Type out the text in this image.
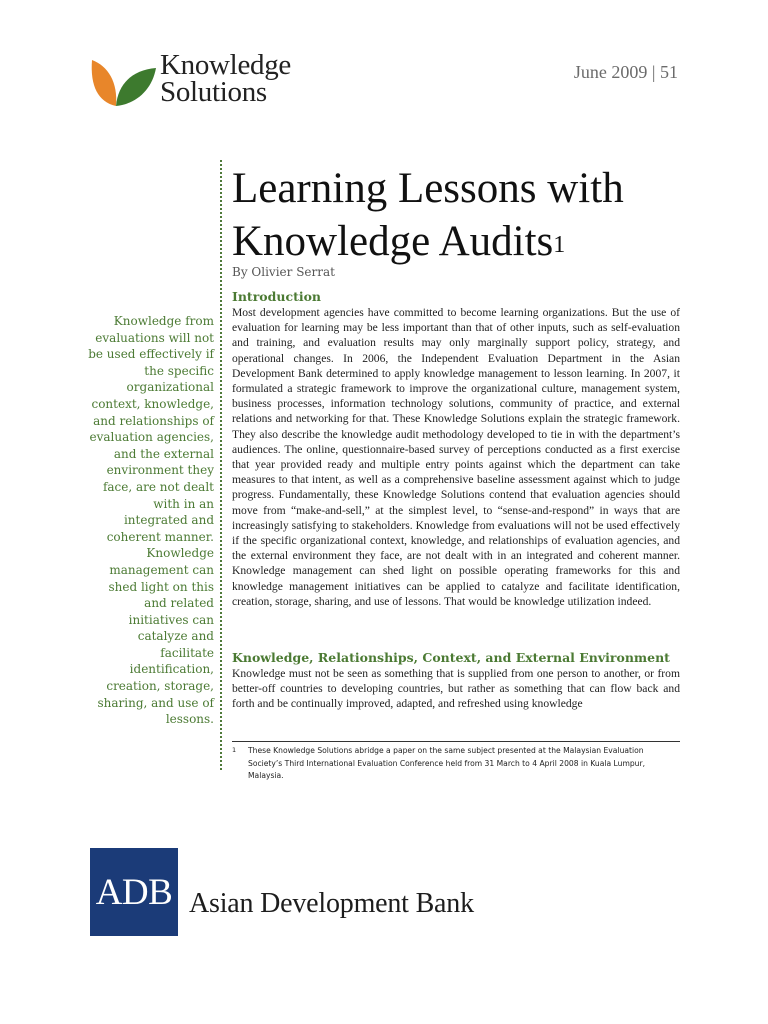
Knowledge
Solutions
June 2009 | 51
Learning Lessons with Knowledge Audits$^1$
By Olivier Serrat
Knowledge from evaluations will not be used effectively if the specific organizational context, knowledge, and relationships of evaluation agencies, and the external environment they face, are not dealt with in an integrated and coherent manner. Knowledge management can shed light on this and related initiatives can catalyze and facilitate identification, creation, storage, sharing, and use of lessons.
Introduction

Most development agencies have committed to become learning organizations. But the use of evaluation for learning may be less important than that of other inputs, such as self-evaluation and training, and evaluation results may only marginally support policy, strategy, and operational changes. In 2006, the Independent Evaluation Department in the Asian Development Bank determined to apply knowledge management to lesson learning. In 2007, it formulated a strategic framework to improve the organizational culture, management system, business processes, information technology solutions, community of practice, and external relations and networking for that. These Knowledge Solutions explain the strategic framework. They also describe the knowledge audit methodology developed to tie in with the department’s audiences. The online, questionnaire-based survey of perceptions conducted as a first exercise that year provided ready and multiple entry points against which the department can take measures to that intent, as well as a comprehensive baseline assessment against which to judge progress. Fundamentally, these Knowledge Solutions contend that evaluation agencies should move from “make-and-sell,” at the simplest level, to “sense-and-respond” in ways that are increasingly satisfying to stakeholders. Knowledge from evaluations will not be used effectively if the specific organizational context, knowledge, and relationships of evaluation agencies, and the external environment they face, are not dealt with in an integrated and coherent manner. Knowledge management can shed light on possible operating frameworks for this and knowledge management initiatives can be applied to catalyze and facilitate identification, creation, storage, sharing, and use of lessons. That would be knowledge utilization indeed.

Knowledge, Relationships, Context, and External Environment

Knowledge must not be seen as something that is supplied from one person to another, or from better-off countries to developing countries, but rather as something that can flow back and forth and be continually improved, adapted, and refreshed using knowledge

1 These Knowledge Solutions abridge a paper on the same subject presented at the Malaysian Evaluation Society’s Third International Evaluation Conference held from 31 March to 4 April 2008 in Kuala Lumpur, Malaysia.
ADB Asian Development Bank
